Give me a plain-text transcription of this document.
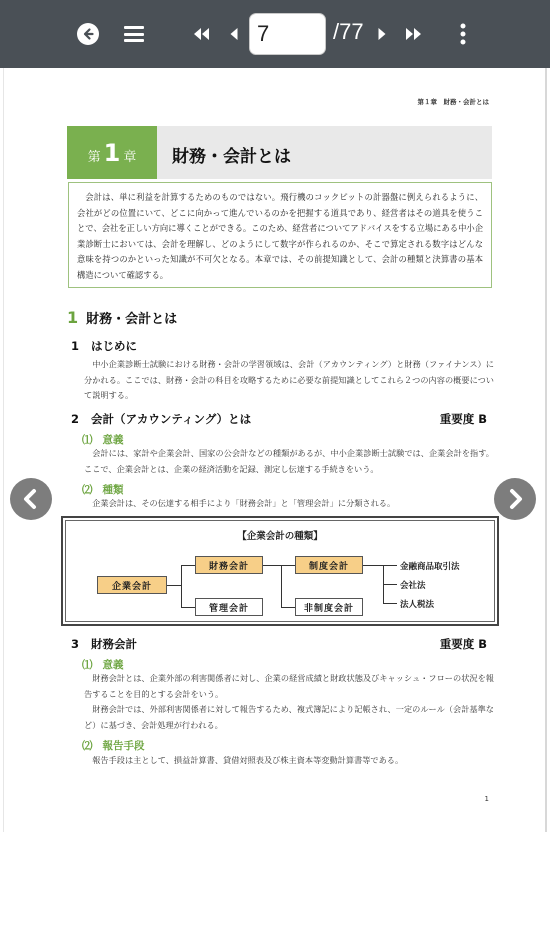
7	/77
第１章　財務・会計とは
第 1 章 財務・会計とは
会計は、単に利益を計算するためのものではない。飛行機のコックピットの計器盤に例えられるように、会社がどの位置にいて、どこに向かって進んでいるのかを把握する道具であり、経営者はその道具を使うことで、会社を正しい方向に導くことができる。このため、経営者についてアドバイスをする立場にある中小企業診断士においては、会計を理解し、どのようにして数字が作られるのか、そこで算定される数字はどんな意味を持つのかといった知識が不可欠となる。本章では、その前提知識として、会計の種類と決算書の基本構造について確認する。
1 財務・会計とは
1 はじめに
中小企業診断士試験における財務・会計の学習領域は、会計（アカウンティング）と財務（ファイナンス）に分かれる。ここでは、財務・会計の科目を攻略するために必要な前提知識としてこれら２つの内容の概要について説明する。
2 会計（アカウンティング）とは	重要度 B
⑴ 意義
会計には、家計や企業会計、国家の公会計などの種類があるが、中小企業診断士試験では、企業会計を指す。ここで、企業会計とは、企業の経済活動を記録、測定し伝達する手続きをいう。
⑵ 種類
企業会計は、その伝達する相手により「財務会計」と「管理会計」に分類される。
【企業会計の種類】
企業会計
財務会計
管理会計
制度会計
非制度会計
金融商品取引法
会社法
法人税法
3 財務会計	重要度 B
⑴ 意義
財務会計とは、企業外部の利害関係者に対し、企業の経営成績と財政状態及びキャッシュ・フローの状況を報告することを目的とする会計をいう。
財務会計では、外部利害関係者に対して報告するため、複式簿記により記帳され、一定のルール（会計基準など）に基づき、会計処理が行われる。
⑵ 報告手段
報告手段は主として、損益計算書、貸借対照表及び株主資本等変動計算書等である。
1
